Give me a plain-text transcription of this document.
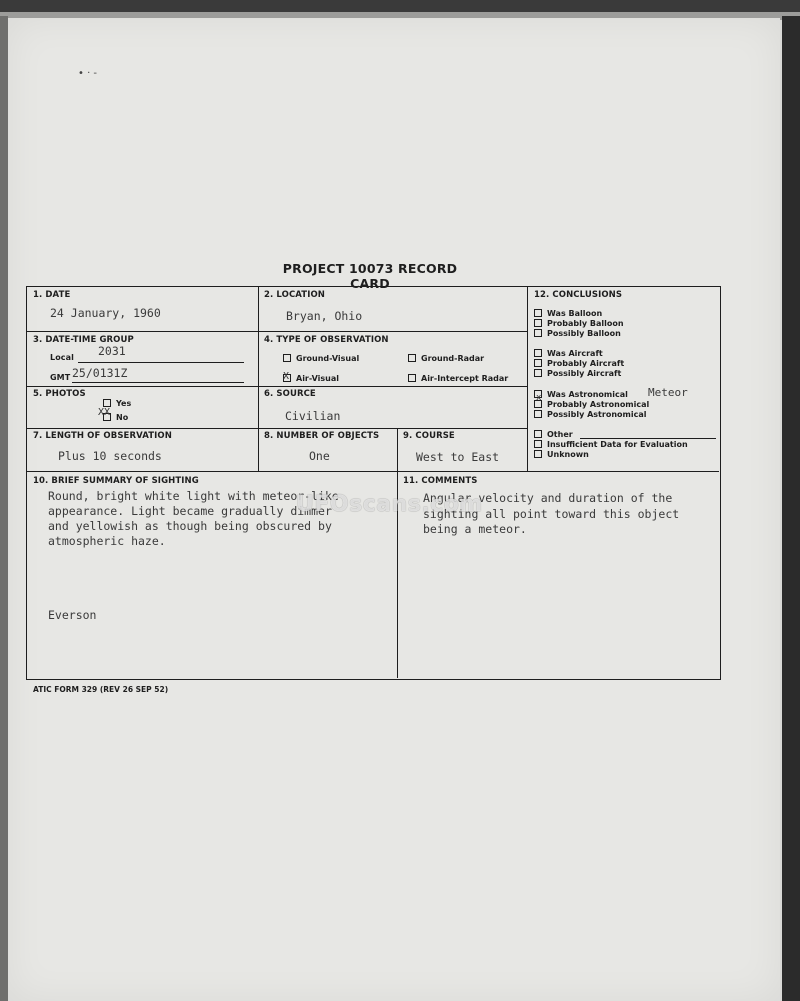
• · -
PROJECT 10073 RECORD CARD
1. DATE
24 January, 1960
2. LOCATION
Bryan, Ohio
12. CONCLUSIONS
Was Balloon
Probably Balloon
Possibly Balloon
Was Aircraft
Probably Aircraft
Possibly Aircraft
Was Astronomical
Probably Astronomical
Possibly Astronomical
Other
Insufficient Data for Evaluation
Unknown
Meteor
x
3. DATE-TIME GROUP
Local 2031
GMT 25/0131Z
4. TYPE OF OBSERVATION
Ground-Visual	Ground-Radar
Air-Visual
X	Air-Intercept Radar
5. PHOTOS
Yes
No
XX
6. SOURCE
Civilian
7. LENGTH OF OBSERVATION
Plus 10 seconds
8. NUMBER OF OBJECTS
One
9. COURSE
West to East
10. BRIEF SUMMARY OF SIGHTING
Round, bright white light with meteor-like
appearance. Light became gradually dimmer
and yellowish as though being obscured by
atmospheric haze.
Everson
11. COMMENTS
Angular velocity and duration of the
sighting all point toward this object
being a meteor.
UFOscans.com
ATIC FORM 329 (REV 26 SEP 52)
